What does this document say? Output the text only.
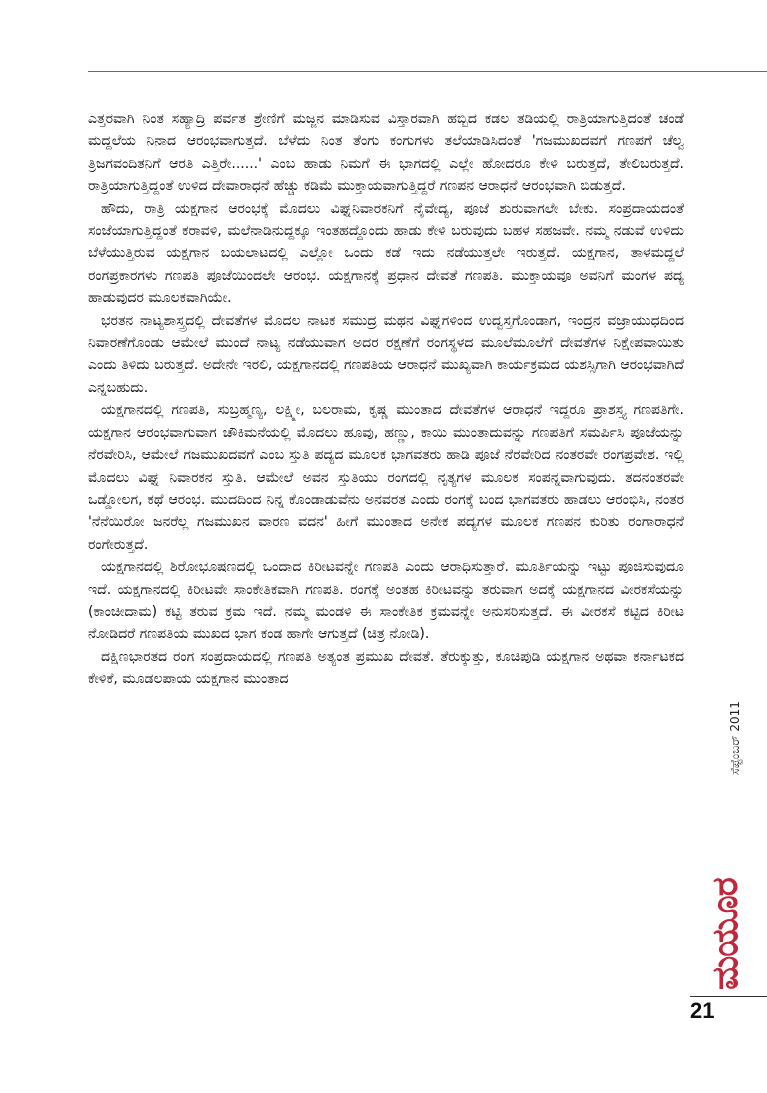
ಎತ್ತರವಾಗಿ ನಿಂತ ಸಹ್ಯಾದ್ರಿ ಪರ್ವತ ಶ್ರೇಣಿಗೆ ಮಜ್ಜನ ಮಾಡಿಸುವ ವಿಸ್ತಾರವಾಗಿ ಹಬ್ಬಿದ ಕಡಲ ತಡಿಯಲ್ಲಿ ರಾತ್ರಿಯಾಗುತ್ತಿದಂತೆ ಚಂಡೆ ಮದ್ದಲೆಯ ನಿನಾದ ಆರಂಭವಾಗುತ್ತದೆ. ಬೆಳೆದು ನಿಂತ ತೆಂಗು ಕಂಗುಗಳು ತಲೆಯಾಡಿಸಿದಂತೆ 'ಗಜಮುಖದವಗೆ ಗಣಪಗೆ ಚೆಲ್ವ ತ್ರಿಜಗವಂದಿತನಿಗೆ ಆರತಿ ಎತ್ತಿರೇ......' ಎಂಬ ಹಾಡು ನಿಮಗೆ ಈ ಭಾಗದಲ್ಲಿ ಎಲ್ಲೇ ಹೋದರೂ ಕೇಳಿ ಬರುತ್ತದೆ, ತೇಲಿಬರುತ್ತದೆ. ರಾತ್ರಿಯಾಗುತ್ತಿದ್ದಂತೆ ಉಳಿದ ದೇವಾರಾಧನೆ ಹೆಚ್ಚು ಕಡಿಮೆ ಮುಕ್ತಾಯವಾಗುತ್ತಿದ್ದರೆ ಗಣಪನ ಆರಾಧನೆ ಆರಂಭವಾಗಿ ಬಿಡುತ್ತದೆ.

ಹೌದು, ರಾತ್ರಿ ಯಕ್ಷಗಾನ ಆರಂಭಕ್ಕೆ ಮೊದಲು ವಿಘ್ನನಿವಾರಕನಿಗೆ ನೈವೇದ್ಯ, ಪೂಜೆ ಶುರುವಾಗಲೇ ಬೇಕು. ಸಂಪ್ರದಾಯದಂತೆ ಸಂಜೆಯಾಗುತ್ತಿದ್ದಂತೆ ಕರಾವಳಿ, ಮಲೆನಾಡಿನುದ್ದಕ್ಕೂ ಇಂತಹದ್ದೊಂದು ಹಾಡು ಕೇಳಿ ಬರುವುದು ಬಹಳ ಸಹಜವೇ. ನಮ್ಮ ನಡುವೆ ಉಳಿದು ಬೆಳೆಯುತ್ತಿರುವ ಯಕ್ಷಗಾನ ಬಯಲಾಟದಲ್ಲಿ ಎಲ್ಲೋ ಒಂದು ಕಡೆ ಇದು ನಡೆಯುತ್ತಲೇ ಇರುತ್ತದೆ. ಯಕ್ಷಗಾನ, ತಾಳಮದ್ದಲೆ ರಂಗಪ್ರಕಾರಗಳು ಗಣಪತಿ ಪೂಜೆಯಿಂದಲೇ ಆರಂಭ. ಯಕ್ಷಗಾನಕ್ಕೆ ಪ್ರಧಾನ ದೇವತೆ ಗಣಪತಿ. ಮುಕ್ತಾಯವೂ ಅವನಿಗೆ ಮಂಗಳ ಪದ್ಯ ಹಾಡುವುದರ ಮೂಲಕವಾಗಿಯೇ.

ಭರತನ ನಾಟ್ಯಶಾಸ್ತ್ರದಲ್ಲಿ ದೇವತೆಗಳ ಮೊದಲ ನಾಟಕ ಸಮುದ್ರ ಮಥನ ವಿಘ್ನಗಳಿಂದ ಉದ್ವಸ್ತಗೊಂಡಾಗ, ಇಂದ್ರನ ವಜ್ರಾಯುಧದಿಂದ ನಿವಾರಣೆಗೊಂಡು ಆಮೇಲೆ ಮುಂದೆ ನಾಟ್ಯ ನಡೆಯುವಾಗ ಅದರ ರಕ್ಷಣೆಗೆ ರಂಗಸ್ಥಳದ ಮೂಲೆಮೂಲೆಗೆ ದೇವತೆಗಳ ನಿಕ್ಷೇಪವಾಯಿತು ಎಂದು ತಿಳಿದು ಬರುತ್ತದೆ. ಅದೇನೇ ಇರಲಿ, ಯಕ್ಷಗಾನದಲ್ಲಿ ಗಣಪತಿಯ ಆರಾಧನೆ ಮುಖ್ಯವಾಗಿ ಕಾರ್ಯಕ್ರಮದ ಯಶಸ್ಸಿಗಾಗಿ ಆರಂಭವಾಗಿದೆ ಎನ್ನಬಹುದು.

ಯಕ್ಷಗಾನದಲ್ಲಿ ಗಣಪತಿ, ಸುಬ್ರಹ್ಮಣ್ಯ, ಲಕ್ಷ್ಮೀ, ಬಲರಾಮ, ಕೃಷ್ಣ ಮುಂತಾದ ದೇವತೆಗಳ ಆರಾಧನೆ ಇದ್ದರೂ ಪ್ರಾಶಸ್ತ್ಯ ಗಣಪತಿಗೇ. ಯಕ್ಷಗಾನ ಆರಂಭವಾಗುವಾಗ ಚೌಕಿಮನೆಯಲ್ಲಿ ಮೊದಲು ಹೂವು, ಹಣ್ಣು, ಕಾಯಿ ಮುಂತಾದುವನ್ನು ಗಣಪತಿಗೆ ಸಮರ್ಪಿಸಿ ಪೂಜೆಯನ್ನು ನೆರವೇರಿಸಿ, ಆಮೇಲೆ ಗಜಮುಖದವಗೆ ಎಂಬ ಸ್ತುತಿ ಪದ್ಯದ ಮೂಲಕ ಭಾಗವತರು ಹಾಡಿ ಪೂಜೆ ನೆರವೇರಿದ ನಂತರವೇ ರಂಗಪ್ರವೇಶ. ಇಲ್ಲಿ ಮೊದಲು ವಿಘ್ನ ನಿವಾರಕನ ಸ್ತುತಿ. ಆಮೇಲೆ ಅವನ ಸ್ತುತಿಯು ರಂಗದಲ್ಲಿ ನೃತ್ಯಗಳ ಮೂಲಕ ಸಂಪನ್ನವಾಗುವುದು. ತದನಂತರವೇ ಒಡ್ಡೋಲಗ, ಕಥೆ ಆರಂಭ. ಮುದದಿಂದ ನಿನ್ನ ಕೊಂಡಾಡುವೆನು ಅನವರತ ಎಂದು ರಂಗಕ್ಕೆ ಬಂದ ಭಾಗವತರು ಹಾಡಲು ಆರಂಭಿಸಿ, ನಂತರ 'ನೆನೆಯಿರೋ ಜನರೆಲ್ಲ ಗಜಮುಖನ ವಾರಣ ವದನ' ಹೀಗೆ ಮುಂತಾದ ಅನೇಕ ಪದ್ಯಗಳ ಮೂಲಕ ಗಣಪನ ಕುರಿತು ರಂಗಾರಾಧನೆ ರಂಗೇರುತ್ತದೆ.

ಯಕ್ಷಗಾನದಲ್ಲಿ ಶಿರೋಭೂಷಣದಲ್ಲಿ ಒಂದಾದ ಕಿರೀಟವನ್ನೇ ಗಣಪತಿ ಎಂದು ಆರಾಧಿಸುತ್ತಾರೆ. ಮೂರ್ತಿಯನ್ನು ಇಟ್ಟು ಪೂಜಿಸುವುದೂ ಇದೆ. ಯಕ್ಷಗಾನದಲ್ಲಿ ಕಿರೀಟವೇ ಸಾಂಕೇತಿಕವಾಗಿ ಗಣಪತಿ. ರಂಗಕ್ಕೆ ಅಂತಹ ಕಿರೀಟವನ್ನು ತರುವಾಗ ಅದಕ್ಕೆ ಯಕ್ಷಗಾನದ ವೀರಕಸೆಯನ್ನು (ಕಾಂಚೀದಾಮ) ಕಟ್ಟಿ ತರುವ ಕ್ರಮ ಇದೆ. ನಮ್ಮ ಮಂಡಳಿ ಈ ಸಾಂಕೇತಿಕ ಕ್ರಮವನ್ನೇ ಅನುಸರಿಸುತ್ತದೆ. ಈ ವೀರಕಸೆ ಕಟ್ಟಿದ ಕಿರೀಟ ನೋಡಿದರೆ ಗಣಪತಿಯ ಮುಖದ ಭಾಗ ಕಂಡ ಹಾಗೇ ಆಗುತ್ತದೆ (ಚಿತ್ರ ನೋಡಿ).

ದಕ್ಷಿಣಭಾರತದ ರಂಗ ಸಂಪ್ರದಾಯದಲ್ಲಿ ಗಣಪತಿ ಅತ್ಯಂತ ಪ್ರಮುಖ ದೇವತೆ. ತೆರುಕ್ಕುತ್ತು, ಕೂಚಿಪುಡಿ ಯಕ್ಷಗಾನ ಅಥವಾ ಕರ್ನಾಟಕದ ಕೇಳಿಕೆ, ಮೂಡಲಪಾಯ ಯಕ್ಷಗಾನ ಮುಂತಾದ

ಸೆಪ್ಟೆಂಬರ್ 2011
ಮಯೂರ
21
